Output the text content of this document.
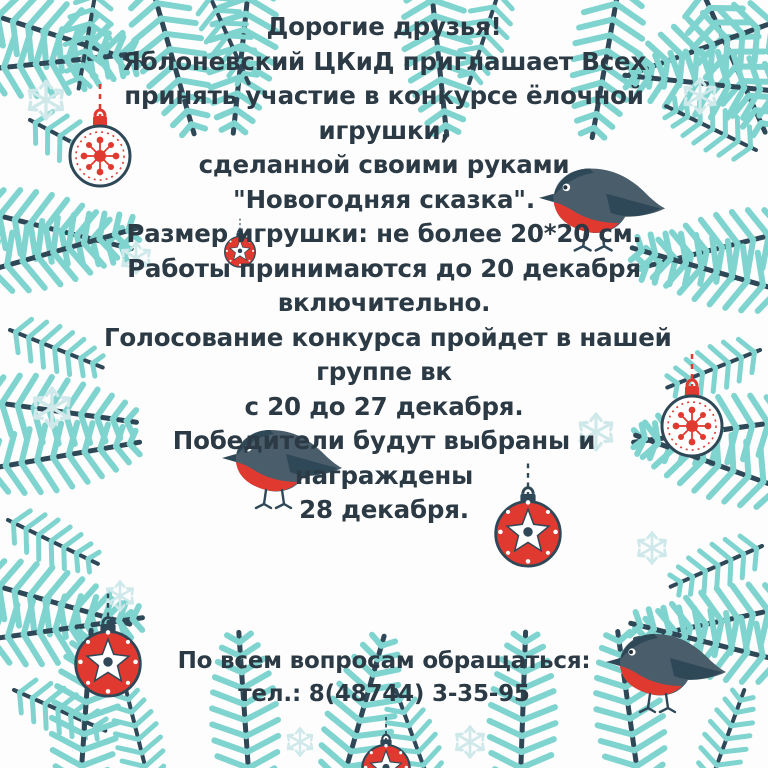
Дорогие друзья!
Яблоневский ЦКиД приглашает Всех
принять участие в конкурсе ёлочной
игрушки,
сделанной своими руками
"Новогодняя сказка".
Размер игрушки: не более 20*20 см.
Работы принимаются до 20 декабря
включительно.
Голосование конкурса пройдет в нашей
группе вк
с 20 до 27 декабря.
Победители будут выбраны и
награждены
28 декабря.
По всем вопросам обращаться:
тел.: 8(48744) 3-35-95
